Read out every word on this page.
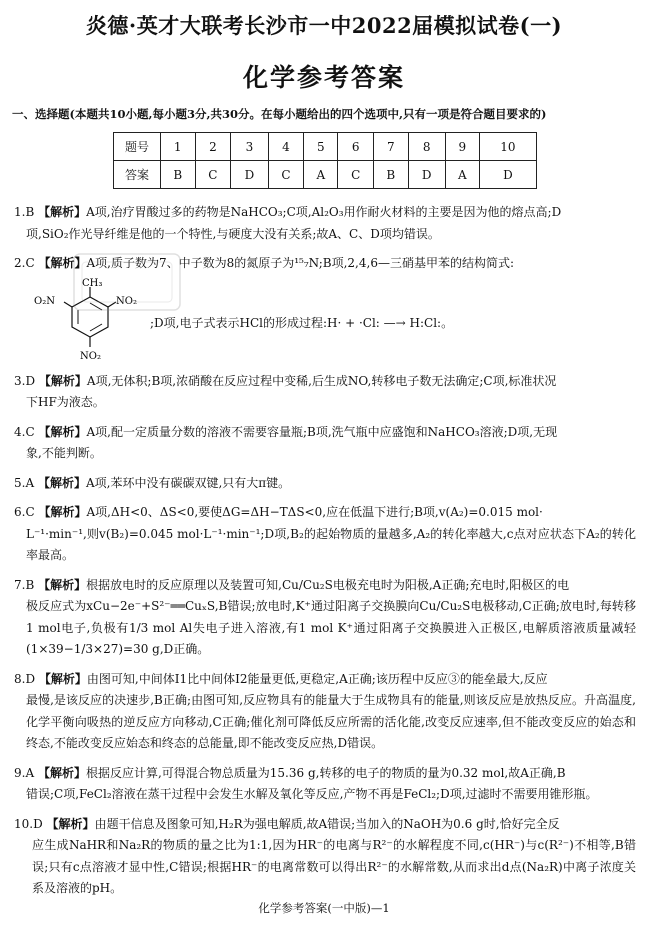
炎德·英才大联考长沙市一中2022届模拟试卷(一)
化学参考答案
一、选择题(本题共10小题,每小题3分,共30分。在每小题给出的四个选项中,只有一项是符合题目要求的)
题号	1	2	3	4	5	6	7	8	9	10
答案	B	C	D	C	A	C	B	D	A	D
1.B 【解析】A项,治疗胃酸过多的药物是NaHCO₃;C项,Al₂O₃用作耐火材料的主要是因为他的熔点高;D
项,SiO₂作光导纤维是他的一个特性,与硬度大没有关系;故A、C、D项均错误。
2.C 【解析】A项,质子数为7、中子数为8的氮原子为¹⁵₇N;B项,2,4,6—三硝基甲苯的结构简式:
CH₃
O₂N	NO₂
NO₂
;D项,电子式表示HCl的形成过程:H· + ·Cl: —→ H:Cl:。
3.D 【解析】A项,无体积;B项,浓硝酸在反应过程中变稀,后生成NO,转移电子数无法确定;C项,标准状况
下HF为液态。
4.C 【解析】A项,配一定质量分数的溶液不需要容量瓶;B项,洗气瓶中应盛饱和NaHCO₃溶液;D项,无现
象,不能判断。
5.A 【解析】A项,苯环中没有碳碳双键,只有大π键。
6.C 【解析】A项,ΔH<0、ΔS<0,要使ΔG=ΔH−TΔS<0,应在低温下进行;B项,v(A₂)=0.015 mol·
L⁻¹·min⁻¹,则v(B₂)=0.045 mol·L⁻¹·min⁻¹;D项,B₂的起始物质的量越多,A₂的转化率越大,c点对应状态下A₂的转化率最高。
7.B 【解析】根据放电时的反应原理以及装置可知,Cu/Cu₂S电极充电时为阳极,A正确;充电时,阳极区的电
极反应式为xCu−2e⁻+S²⁻══CuₓS,B错误;放电时,K⁺通过阳离子交换膜向Cu/Cu₂S电极移动,C正确;放电时,每转移1 mol电子,负极有1/3 mol Al失电子进入溶液,有1 mol K⁺通过阳离子交换膜进入正极区,电解质溶液质量减轻(1×39−1/3×27)=30 g,D正确。
8.D 【解析】由图可知,中间体I1比中间体I2能量更低,更稳定,A正确;该历程中反应③的能垒最大,反应
最慢,是该反应的决速步,B正确;由图可知,反应物具有的能量大于生成物具有的能量,则该反应是放热反应。升高温度,化学平衡向吸热的逆反应方向移动,C正确;催化剂可降低反应所需的活化能,改变反应速率,但不能改变反应的始态和终态,不能改变反应始态和终态的总能量,即不能改变反应热,D错误。
9.A 【解析】根据反应计算,可得混合物总质量为15.36 g,转移的电子的物质的量为0.32 mol,故A正确,B
错误;C项,FeCl₂溶液在蒸干过程中会发生水解及氧化等反应,产物不再是FeCl₂;D项,过滤时不需要用锥形瓶。
10.D 【解析】由题干信息及图象可知,H₂R为强电解质,故A错误;当加入的NaOH为0.6 g时,恰好完全反
应生成NaHR和Na₂R的物质的量之比为1:1,因为HR⁻的电离与R²⁻的水解程度不同,c(HR⁻)与c(R²⁻)不相等,B错误;只有c点溶液才显中性,C错误;根据HR⁻的电离常数可以得出R²⁻的水解常数,从而求出d点(Na₂R)中离子浓度关系及溶液的pH。
化学参考答案(一中版)—1
